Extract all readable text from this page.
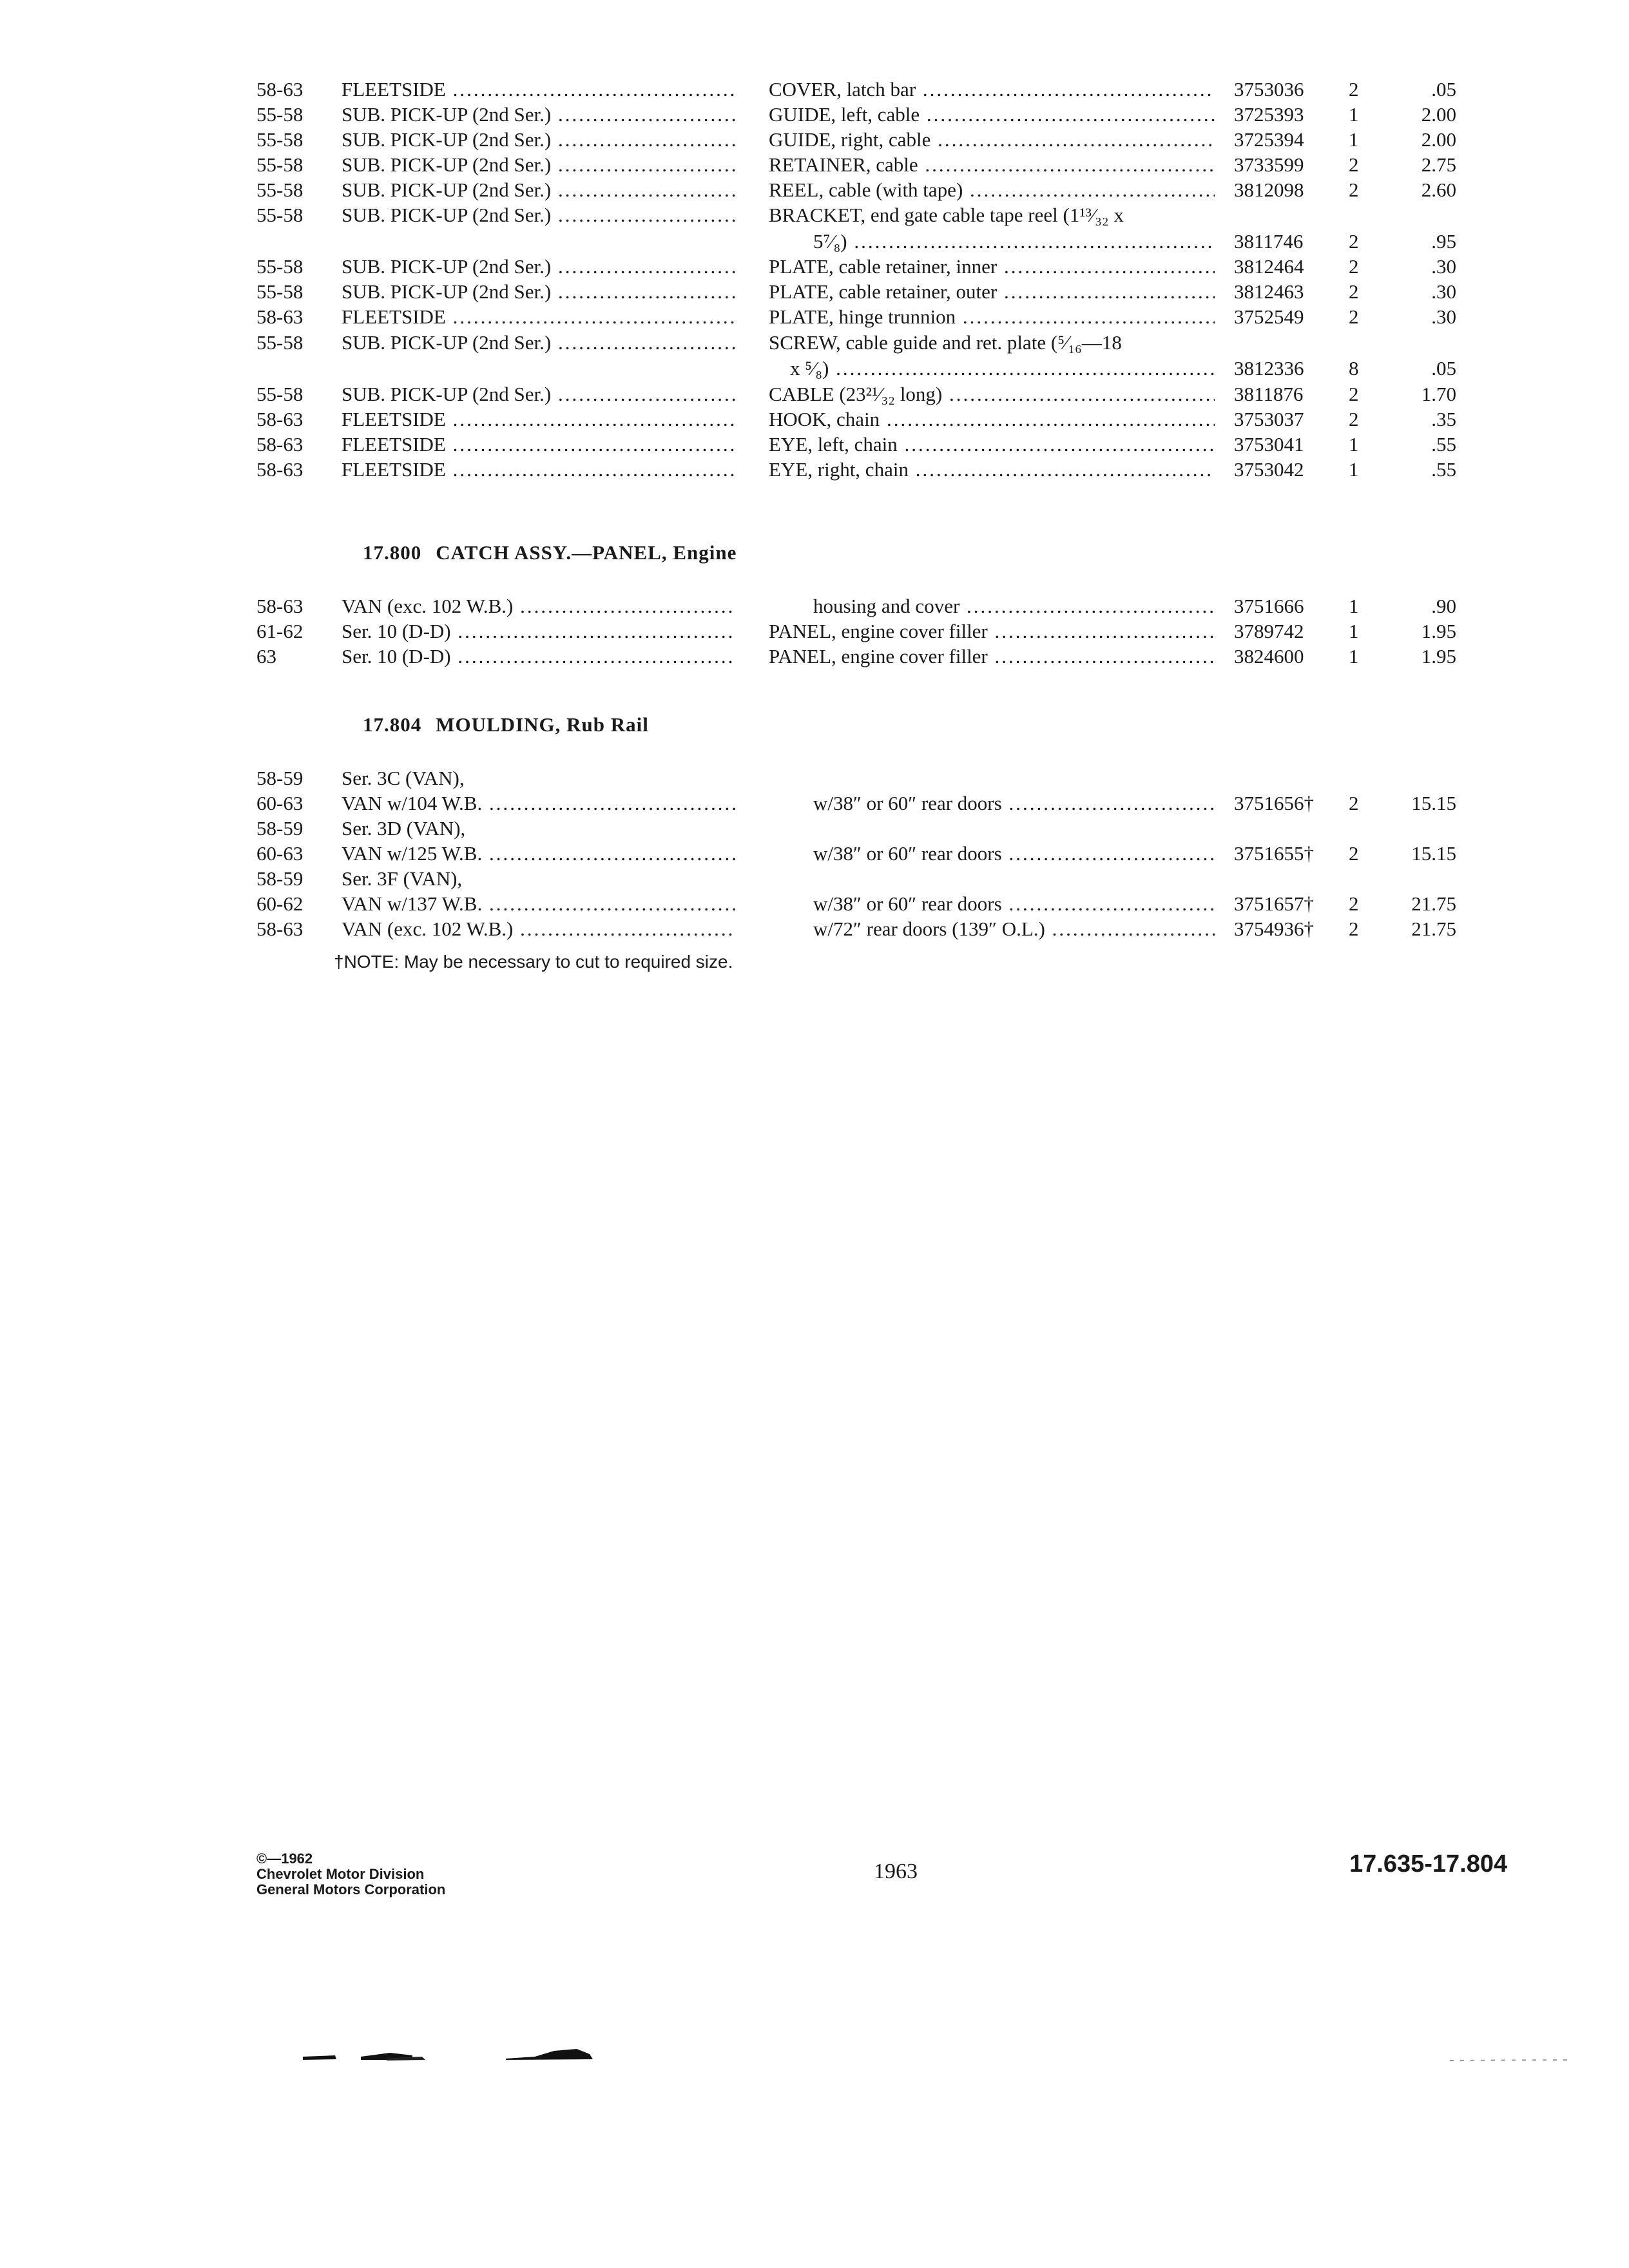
58-63 FLEETSIDE .....	COVER, latch bar .....	3753036 2	.05
55-58 SUB. PICK-UP (2nd Ser.) .....	GUIDE, left, cable .....	3725393 1	2.00
55-58 SUB. PICK-UP (2nd Ser.) .....	GUIDE, right, cable .....	3725394 1	2.00
55-58 SUB. PICK-UP (2nd Ser.) .....	RETAINER, cable .....	3733599 2	2.75
55-58 SUB. PICK-UP (2nd Ser.) .....	REEL, cable (with tape) .....	3812098 2	2.60
55-58 SUB. PICK-UP (2nd Ser.) .....	BRACKET, end gate cable tape reel (1¹³⁄₃₂ x
5⁷⁄₈) .....	3811746 2	.95
55-58 SUB. PICK-UP (2nd Ser.) .....	PLATE, cable retainer, inner .....	3812464 2	.30
55-58 SUB. PICK-UP (2nd Ser.) .....	PLATE, cable retainer, outer .....	3812463 2	.30
58-63 FLEETSIDE .....	PLATE, hinge trunnion .....	3752549 2	.30
55-58 SUB. PICK-UP (2nd Ser.) .....	SCREW, cable guide and ret. plate (⁵⁄₁₆—18
x ⁵⁄₈) .....	3812336 8	.05
55-58 SUB. PICK-UP (2nd Ser.) .....	CABLE (23²¹⁄₃₂ long) .....	3811876 2	1.70
58-63 FLEETSIDE .....	HOOK, chain .....	3753037 2	.35
58-63 FLEETSIDE .....	EYE, left, chain .....	3753041 1	.55
58-63 FLEETSIDE .....	EYE, right, chain .....	3753042 1	.55
17.800 CATCH ASSY.—PANEL, Engine
58-63 VAN (exc. 102 W.B.) .....	housing and cover .....	3751666 1	.90
61-62 Ser. 10 (D-D) .....	PANEL, engine cover filler .....	3789742 1	1.95
63	Ser. 10 (D-D) .....	PANEL, engine cover filler .....	3824600 1	1.95
17.804 MOULDING, Rub Rail
58-59 Ser. 3C (VAN),
60-63 VAN w/104 W.B. .....	w/38″ or 60″ rear doors .....	3751656† 2	15.15
58-59 Ser. 3D (VAN),
60-63 VAN w/125 W.B. .....	w/38″ or 60″ rear doors .....	3751655† 2	15.15
58-59 Ser. 3F (VAN),
60-62 VAN w/137 W.B. .....	w/38″ or 60″ rear doors .....	3751657† 2	21.75
58-63 VAN (exc. 102 W.B.) .....	w/72″ rear doors (139″ O.L.) .....	3754936† 2	21.75
†NOTE: May be necessary to cut to required size.
©—1962
Chevrolet Motor Division
General Motors Corporation
1963	17.635-17.804
